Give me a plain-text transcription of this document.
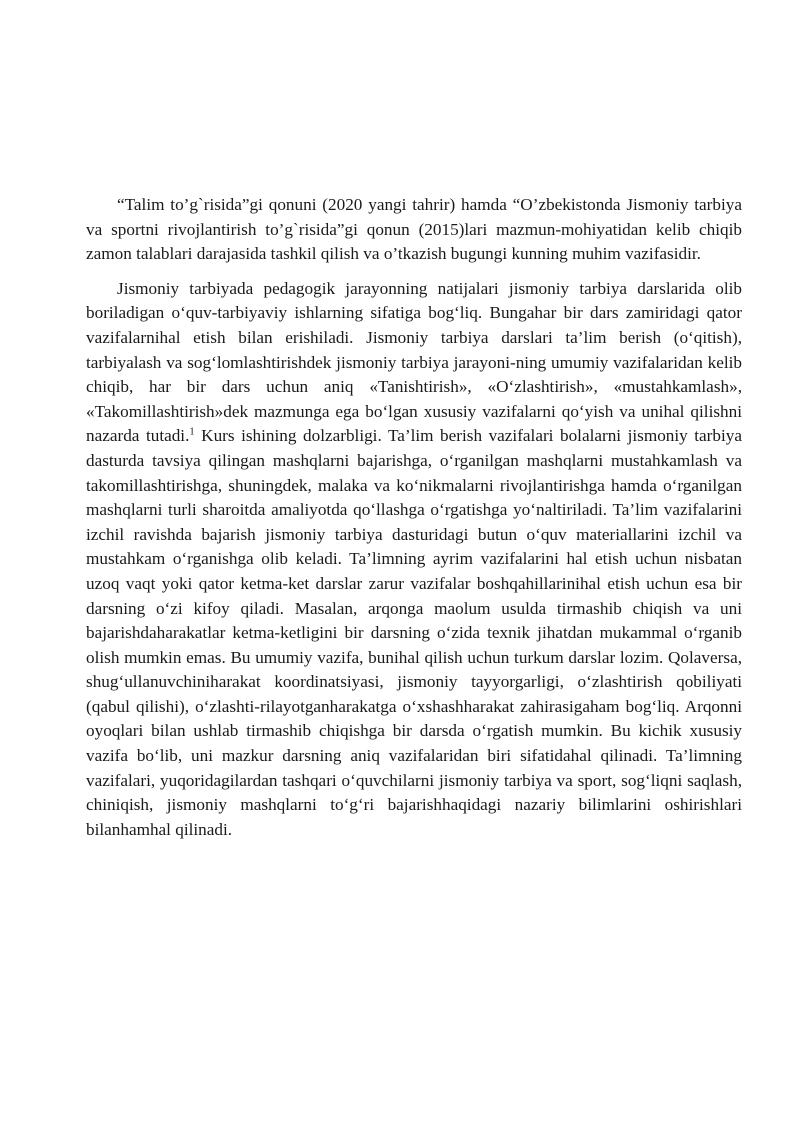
“Talim to’g`risida”gi qonuni (2020 yangi tahrir) hamda “O’zbekistonda Jismoniy tarbiya va sportni rivojlantirish to’g`risida”gi qonun (2015)lari mazmun-mohiyatidan kelib chiqib zamon talablari darajasida tashkil qilish va o’tkazish bugungi kunning muhim vazifasidir.

Jismoniy tarbiyada pedagogik jarayonning natijalari jismoniy tarbiya darslarida olib boriladigan o‘quv-tarbiyaviy ishlarning sifatiga bog‘liq. Bungahar bir dars zamiridagi qator vazifalarnihal etish bilan erishiladi. Jismoniy tarbiya darslari ta’lim berish (o‘qitish), tarbiyalash va sog‘lomlashtirishdek jismoniy tarbiya jarayoni-ning umumiy vazifalaridan kelib chiqib, har bir dars uchun aniq «Tanishtirish», «O‘zlashtirish», «mustahkamlash», «Takomillashtirish»dek mazmunga ega bo‘lgan xususiy vazifalarni qo‘yish va unihal qilishni nazarda tutadi.$^1$ Kurs ishining dolzarbligi. Ta’lim berish vazifalari bolalarni jismoniy tarbiya dasturda tavsiya qilingan mashqlarni bajarishga, o‘rganilgan mashqlarni mustahkamlash va takomillashtirishga, shuningdek, malaka va ko‘nikmalarni rivojlantirishga hamda o‘rganilgan mashqlarni turli sharoitda amaliyotda qo‘llashga o‘rgatishga yo‘naltiriladi. Ta’lim vazifalarini izchil ravishda bajarish jismoniy tarbiya dasturidagi butun o‘quv materiallarini izchil va mustahkam o‘rganishga olib keladi. Ta’limning ayrim vazifalarini hal etish uchun nisbatan uzoq vaqt yoki qator ketma-ket darslar zarur vazifalar boshqahillarinihal etish uchun esa bir darsning o‘zi kifoy qiladi. Masalan, arqonga maolum usulda tirmashib chiqish va uni bajarishdaharakatlar ketma-ketligini bir darsning o‘zida texnik jihatdan mukammal o‘rganib olish mumkin emas. Bu umumiy vazifa, bunihal qilish uchun turkum darslar lozim. Qolaversa, shug‘ullanuvchiniharakat koordinatsiyasi, jismoniy tayyorgarligi, o‘zlashtirish qobiliyati (qabul qilishi), o‘zlashti-rilayotganharakatga o‘xshashharakat zahirasigaham bog‘liq. Arqonni oyoqlari bilan ushlab tirmashib chiqishga bir darsda o‘rgatish mumkin. Bu kichik xususiy vazifa bo‘lib, uni mazkur darsning aniq vazifalaridan biri sifatidahal qilinadi. Ta’limning vazifalari, yuqoridagilardan tashqari o‘quvchilarni jismoniy tarbiya va sport, sog‘liqni saqlash, chiniqish, jismoniy mashqlarni to‘g‘ri bajarishhaqidagi nazariy bilimlarini oshirishlari bilanhamhal qilinadi.
